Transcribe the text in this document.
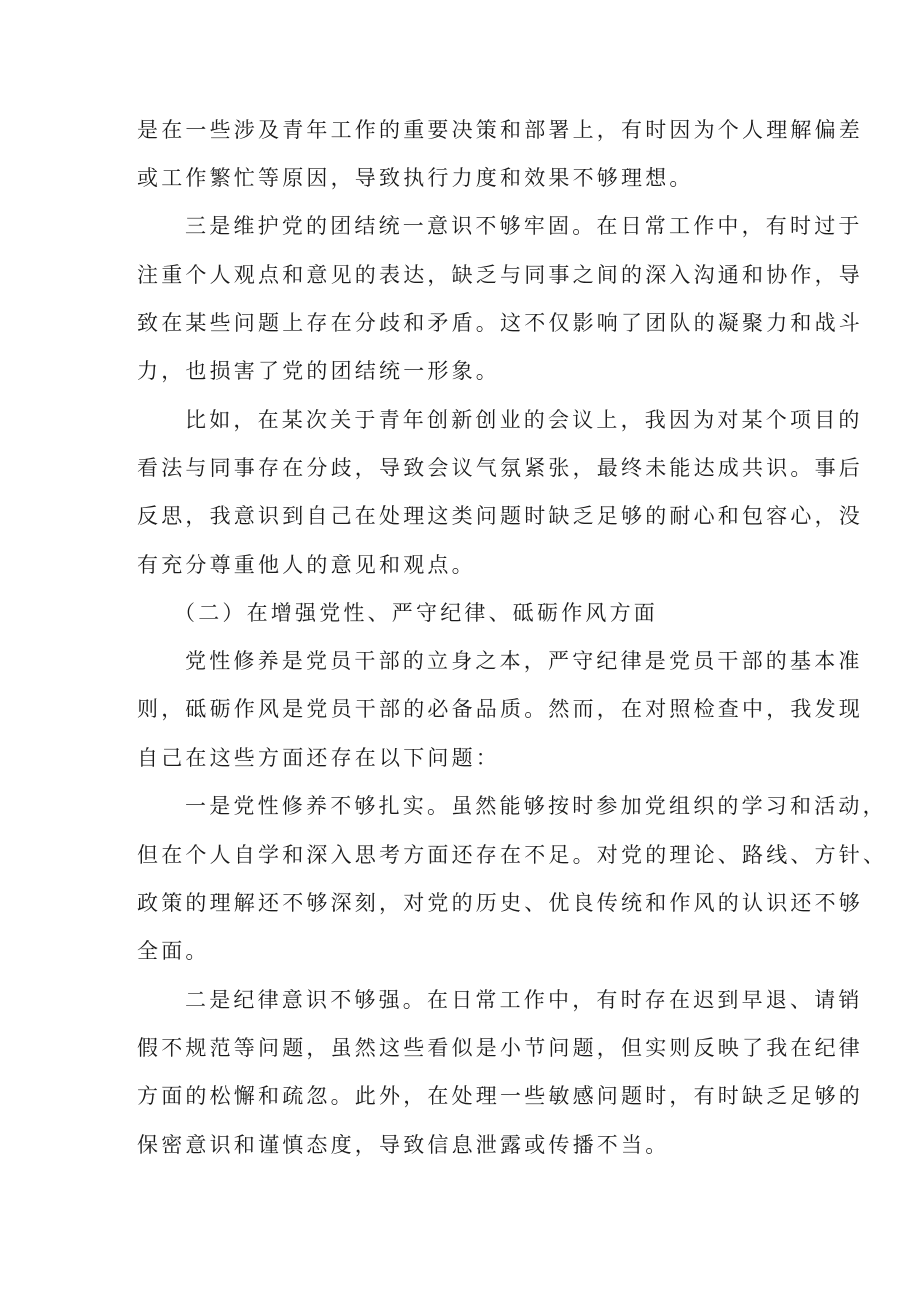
是在一些涉及青年工作的重要决策和部署上，有时因为个人理解偏差
或工作繁忙等原因，导致执行力度和效果不够理想。
三是维护党的团结统一意识不够牢固。在日常工作中，有时过于
注重个人观点和意见的表达，缺乏与同事之间的深入沟通和协作，导
致在某些问题上存在分歧和矛盾。这不仅影响了团队的凝聚力和战斗
力，也损害了党的团结统一形象。
比如，在某次关于青年创新创业的会议上，我因为对某个项目的
看法与同事存在分歧，导致会议气氛紧张，最终未能达成共识。事后
反思，我意识到自己在处理这类问题时缺乏足够的耐心和包容心，没
有充分尊重他人的意见和观点。
（二）在增强党性、严守纪律、砥砺作风方面
党性修养是党员干部的立身之本，严守纪律是党员干部的基本准
则，砥砺作风是党员干部的必备品质。然而，在对照检查中，我发现
自己在这些方面还存在以下问题：
一是党性修养不够扎实。虽然能够按时参加党组织的学习和活动，
但在个人自学和深入思考方面还存在不足。对党的理论、路线、方针、
政策的理解还不够深刻，对党的历史、优良传统和作风的认识还不够
全面。
二是纪律意识不够强。在日常工作中，有时存在迟到早退、请销
假不规范等问题，虽然这些看似是小节问题，但实则反映了我在纪律
方面的松懈和疏忽。此外，在处理一些敏感问题时，有时缺乏足够的
保密意识和谨慎态度，导致信息泄露或传播不当。
